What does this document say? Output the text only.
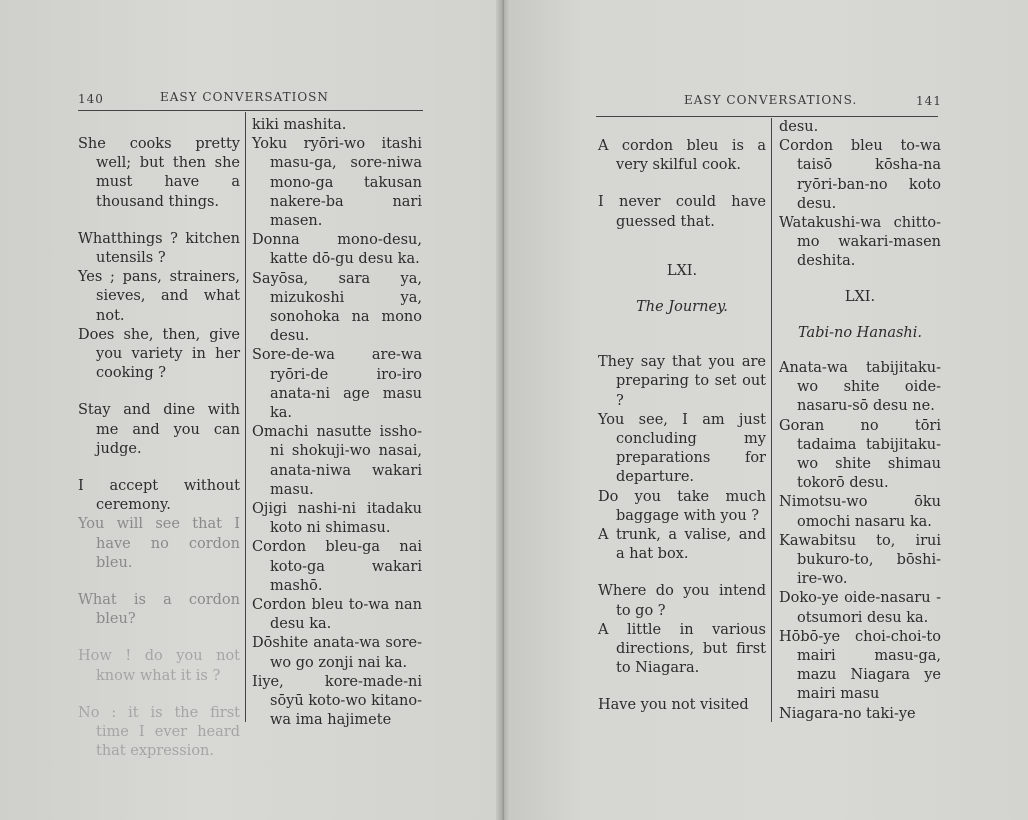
140	EASY CONVERSATIOSN

She cooks pretty well; but then she must have a thousand things.

Whatthings ? kitchen utensils ?

Yes ; pans, strainers, sieves, and what not.

Does she, then, give you variety in her cooking ?

Stay and dine with me and you can judge.

I accept without ceremony.

You will see that I have no cordon bleu.

What is a cordon bleu?

How ! do you not know what it is ?

No : it is the first time I ever heard that expression.

kiki mashita.

Yoku ryōri-wo itashi masu-ga, sore-niwa mono-ga takusan nakere-ba nari masen.

Donna mono-desu, katte dō-gu desu ka.

Sayōsa, sara ya, mizukoshi ya, sonohoka na mono desu.

Sore-de-wa are-wa ryōri-de iro-iro anata-ni age masu ka.

Omachi nasutte issho-ni shokuji-wo nasai, anata-niwa wakari masu.

Ojigi nashi-ni itadaku koto ni shimasu.

Cordon bleu-ga nai koto-ga wakari mashō.

Cordon bleu to-wa nan desu ka.

Dōshite anata-wa sore-wo go zonji nai ka.

Iiye, kore-made-ni sōyū koto-wo kitano-wa ima hajimete

EASY CONVERSATIONS.	141

A cordon bleu is a very skilful cook.

I never could have guessed that.

LXI.

The Journey.

They say that you are preparing to set out ?

You see, I am just concluding my preparations for departure.

Do you take much baggage with you ?

A trunk, a valise, and a hat box.

Where do you intend to go ?

A little in various directions, but first to Niagara.

Have you not visited

desu.

Cordon bleu to-wa taisō kōsha-na ryōri-ban-no koto desu.

Watakushi-wa chitto-mo wakari-masen deshita.

LXI.

Tabi-no Hanashi.

Anata-wa tabijitaku-wo shite oide-nasaru-sō desu ne.

Goran no tōri tadaima tabijitaku-wo shite shimau tokorō desu.

Nimotsu-wo ōku omochi nasaru ka.

Kawabitsu to, irui bukuro-to, bōshi-ire-wo.

Doko-ye oide-nasaru -otsumori desu ka.

Hōbō-ye choi-choi-to mairi masu-ga, mazu Niagara ye mairi masu

Niagara-no taki-ye
